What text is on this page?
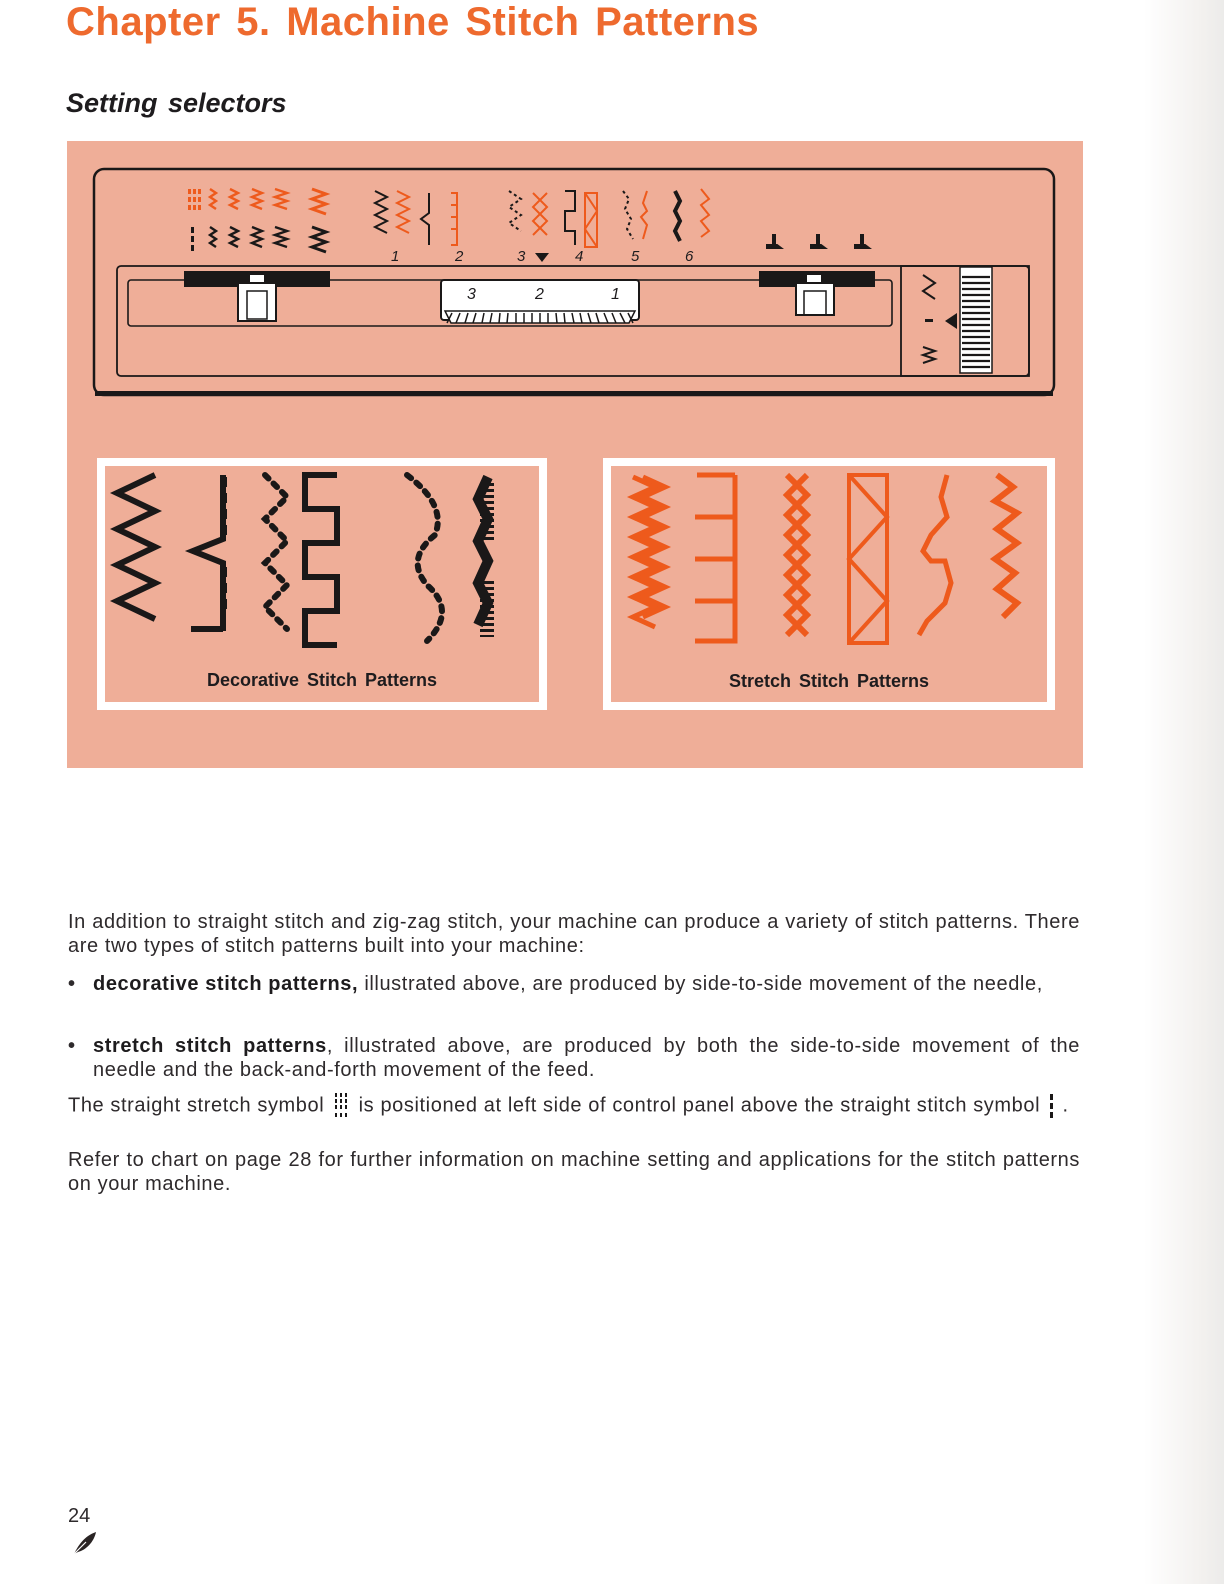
Chapter 5. Machine Stitch Patterns
Setting selectors
1	2	3	4	5	6
3	2	1
Decorative Stitch Patterns	Stretch Stitch Patterns
In addition to straight stitch and zig-zag stitch, your machine can produce a variety of stitch patterns. There are two types of stitch patterns built into your machine:
• decorative stitch patterns, illustrated above, are produced by side-to-side movement of the needle,
• stretch stitch patterns, illustrated above, are produced by both the side-to-side movement of the needle and the back-and-forth movement of the feed.
The straight stretch symbol is positioned at left side of control panel above the straight stitch symbol .
Refer to chart on page 28 for further information on machine setting and applications for the stitch patterns on your machine.
24
